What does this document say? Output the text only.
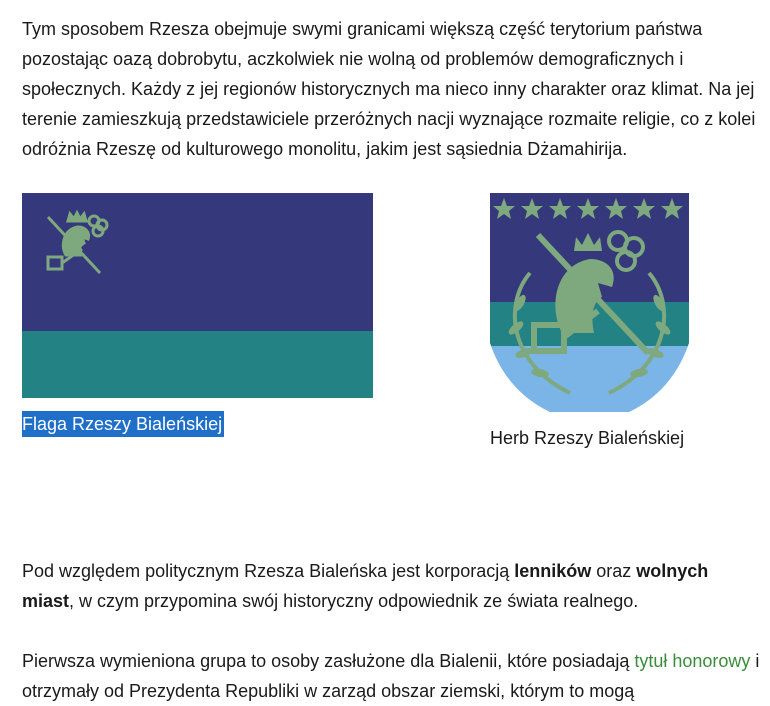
Tym sposobem Rzesza obejmuje swymi granicami większą część terytorium państwa pozostając oazą dobrobytu, aczkolwiek nie wolną od problemów demograficznych i społecznych. Każdy z jej regionów historycznych ma nieco inny charakter oraz klimat. Na jej terenie zamieszkują przedstawiciele przeróżnych nacji wyznające rozmaite religie, co z kolei odróżnia Rzeszę od kulturowego monolitu, jakim jest sąsiednia Dżamahirija.

Flaga Rzeszy Bialeńskiej
Herb Rzeszy Bialeńskiej

Pod względem politycznym Rzesza Bialeńska jest korporacją lenników oraz wolnych miast, w czym przypomina swój historyczny odpowiednik ze świata realnego.

Pierwsza wymieniona grupa to osoby zasłużone dla Bialenii, które posiadają tytuł honorowy i otrzymały od Prezydenta Republiki w zarząd obszar ziemski, którym to mogą
